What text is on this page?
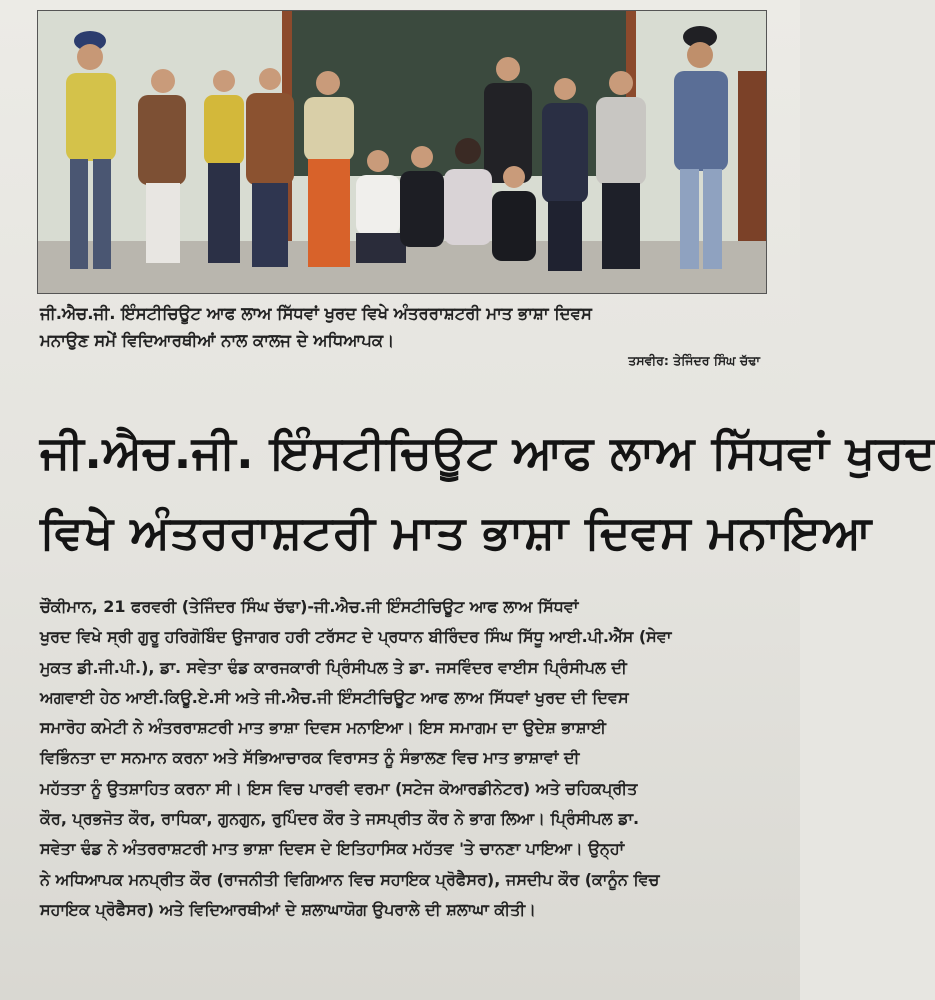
ਜੀ.ਐਚ.ਜੀ. ਇੰਸਟੀਚਿਊਟ ਆਫ ਲਾਅ ਸਿੱਧਵਾਂ ਖੁਰਦ ਵਿਖੇ ਅੰਤਰਰਾਸ਼ਟਰੀ ਮਾਤ ਭਾਸ਼ਾ ਦਿਵਸ
ਮਨਾਉਣ ਸਮੇਂ ਵਿਦਿਆਰਥੀਆਂ ਨਾਲ ਕਾਲਜ ਦੇ ਅਧਿਆਪਕ।
ਤਸਵੀਰ: ਤੇਜਿੰਦਰ ਸਿੰਘ ਚੱਢਾ
ਜੀ.ਐਚ.ਜੀ. ਇੰਸਟੀਚਿਊਟ ਆਫ ਲਾਅ ਸਿੱਧਵਾਂ ਖੁਰਦ
ਵਿਖੇ ਅੰਤਰਰਾਸ਼ਟਰੀ ਮਾਤ ਭਾਸ਼ਾ ਦਿਵਸ ਮਨਾਇਆ
ਚੌਂਕੀਮਾਨ, 21 ਫਰਵਰੀ (ਤੇਜਿੰਦਰ ਸਿੰਘ ਚੱਢਾ)-ਜੀ.ਐਚ.ਜੀ ਇੰਸਟੀਚਿਊਟ ਆਫ ਲਾਅ ਸਿੱਧਵਾਂ
ਖੁਰਦ ਵਿਖੇ ਸ੍ਰੀ ਗੁਰੂ ਹਰਿਗੋਬਿੰਦ ਉਜਾਗਰ ਹਰੀ ਟਰੱਸਟ ਦੇ ਪ੍ਰਧਾਨ ਬੀਰਿੰਦਰ ਸਿੰਘ ਸਿੱਧੂ ਆਈ.ਪੀ.ਐੱਸ (ਸੇਵਾ
ਮੁਕਤ ਡੀ.ਜੀ.ਪੀ.), ਡਾ. ਸਵੇਤਾ ਢੰਡ ਕਾਰਜਕਾਰੀ ਪ੍ਰਿੰਸੀਪਲ ਤੇ ਡਾ. ਜਸਵਿੰਦਰ ਵਾਈਸ ਪ੍ਰਿੰਸੀਪਲ ਦੀ
ਅਗਵਾਈ ਹੇਠ ਆਈ.ਕਿਊ.ਏ.ਸੀ ਅਤੇ ਜੀ.ਐਚ.ਜੀ ਇੰਸਟੀਚਿਊਟ ਆਫ ਲਾਅ ਸਿੱਧਵਾਂ ਖੁਰਦ ਦੀ ਦਿਵਸ
ਸਮਾਰੋਹ ਕਮੇਟੀ ਨੇ ਅੰਤਰਰਾਸ਼ਟਰੀ ਮਾਤ ਭਾਸ਼ਾ ਦਿਵਸ ਮਨਾਇਆ। ਇਸ ਸਮਾਗਮ ਦਾ ਉਦੇਸ਼ ਭਾਸ਼ਾਈ
ਵਿਭਿੰਨਤਾ ਦਾ ਸਨਮਾਨ ਕਰਨਾ ਅਤੇ ਸੱਭਿਆਚਾਰਕ ਵਿਰਾਸਤ ਨੂੰ ਸੰਭਾਲਣ ਵਿਚ ਮਾਤ ਭਾਸ਼ਾਵਾਂ ਦੀ
ਮਹੱਤਤਾ ਨੂੰ ਉਤਸ਼ਾਹਿਤ ਕਰਨਾ ਸੀ। ਇਸ ਵਿਚ ਪਾਰਵੀ ਵਰਮਾ (ਸਟੇਜ ਕੋਆਰਡੀਨੇਟਰ) ਅਤੇ ਚਹਿਕਪ੍ਰੀਤ
ਕੌਰ, ਪ੍ਰਭਜੋਤ ਕੌਰ, ਰਾਧਿਕਾ, ਗੁਨਗੁਨ, ਰੁਪਿੰਦਰ ਕੌਰ ਤੇ ਜਸਪ੍ਰੀਤ ਕੌਰ ਨੇ ਭਾਗ ਲਿਆ। ਪ੍ਰਿੰਸੀਪਲ ਡਾ.
ਸਵੇਤਾ ਢੰਡ ਨੇ ਅੰਤਰਰਾਸ਼ਟਰੀ ਮਾਤ ਭਾਸ਼ਾ ਦਿਵਸ ਦੇ ਇਤਿਹਾਸਿਕ ਮਹੱਤਵ 'ਤੇ ਚਾਨਣਾ ਪਾਇਆ। ਉਨ੍ਹਾਂ
ਨੇ ਅਧਿਆਪਕ ਮਨਪ੍ਰੀਤ ਕੌਰ (ਰਾਜਨੀਤੀ ਵਿਗਿਆਨ ਵਿਚ ਸਹਾਇਕ ਪ੍ਰੋਫੈਸਰ), ਜਸਦੀਪ ਕੌਰ (ਕਾਨੂੰਨ ਵਿਚ
ਸਹਾਇਕ ਪ੍ਰੋਫੈਸਰ) ਅਤੇ ਵਿਦਿਆਰਥੀਆਂ ਦੇ ਸ਼ਲਾਘਾਯੋਗ ਉਪਰਾਲੇ ਦੀ ਸ਼ਲਾਘਾ ਕੀਤੀ।
